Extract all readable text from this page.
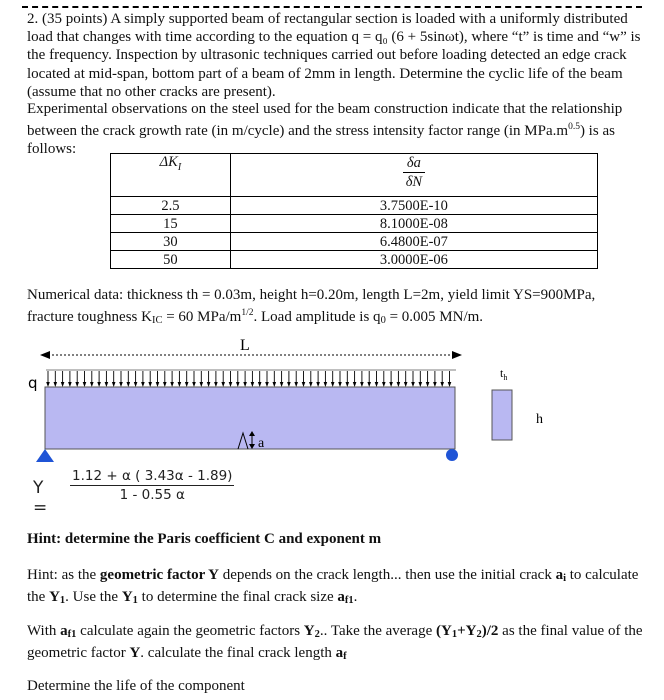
2. (35 points) A simply supported beam of rectangular section is loaded with a uniformly distributed load that changes with time according to the equation q = q₀ (6 + 5sinωt), where “t” is time and “w” is the frequency. Inspection by ultrasonic techniques carried out before loading detected an edge crack located at mid-span, bottom part of a beam of 2mm in length. Determine the cyclic life of the beam (assume that no other cracks are present).

Experimental observations on the steel used for the beam construction indicate that the relationship between the crack growth rate (in m/cycle) and the stress intensity factor range (in $MPa.m^{0.5}$) is as follows:

$\Delta K_I$	$\frac{\delta a}{\delta N}$

2.5	3.7500E-10
15	8.1000E-08
30	6.4800E-07
50	3.0000E-06

Numerical data: thickness th = 0.03m, height h=0.20m, length L=2m, yield limit YS=900MPa,
fracture toughness KIC = 60 MPa/$m^{1/2}$. Load amplitude is q0 = 0.005 MN/m.

L
q
a
$t_h$
h
Y =
$\frac{1.12 + \alpha ( 3.43\alpha - 1.89)}{1 - 0.55 \alpha}$

Hint: determine the Paris coefficient C and exponent m

Hint: as the geometric factor Y depends on the crack length... then use the initial crack ai to calculate the Y1. Use the Y1 to determine the final crack size af1.

With af1 calculate again the geometric factors Y2.. Take the average (Y1+Y2)/2 as the final value of the geometric factor Y. calculate the final crack length af

Determine the life of the component
